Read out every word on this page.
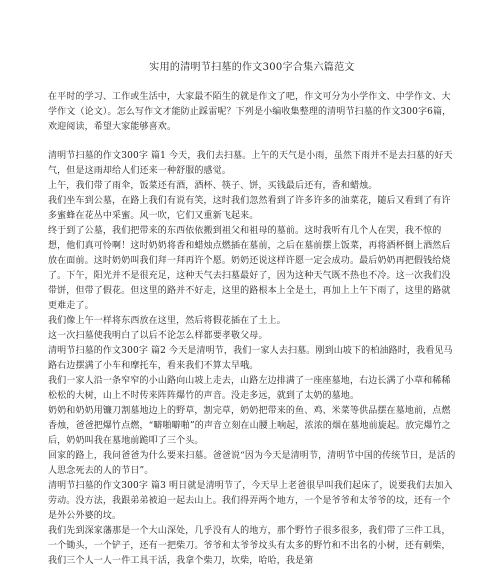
实用的清明节扫墓的作文300字合集六篇范文

在平时的学习、工作或生活中，大家最不陌生的就是作文了吧，作文可分为小学作文、中学作文、大学作文（论文）。怎么写作文才能防止踩雷呢？下列是小编收集整理的清明节扫墓的作文300字6篇，欢迎阅读，希望大家能够喜欢。

清明节扫墓的作文300字 篇1 今天，我们去扫墓。上午的天气是小雨，虽然下雨并不是去扫墓的好天气，但是这雨却给人们还来一种舒服的感觉。

上午，我们带了雨伞，饭菜还有酒，酒杯、筷子、饼，买钱最后还有，香和蜡烛。

我们坐车到公墓，在路上我们有说有笑，这时我们忽然看到了许多许多的油菜花，随后又看到了有许多蜜蜂在花丛中采蜜。风一吹，它们又重新飞起来。

终于到了公墓，我们把带来的东西依依搬到祖父和祖母的墓前。这时我听有几个人在哭，我不惊的想，他们真可怜啊！这时奶奶将香和蜡烛点燃插在墓前，之后在墓前摆上饭菜，再将酒杯倒上酒然后放在面前。这时奶奶叫我们拜一拜再许个愿。奶奶还说这样许愿一定会成功。最后奶奶再把假钱给烧了。下午，阳光并不是很充足，这种天气去扫墓最好了，因为这种天气既不热也不冷。这一次我们没带饼，但带了假花。但这里的路并不好走，这里的路根本上全是土，再加上上午下雨了，这里的路就更难走了。

我们像上午一样将东西放在这里，然后将假花插在了土上。

这一次扫墓使我明白了以后不论怎么样都要孝敬父母。

清明节扫墓的作文300字 篇2 今天是清明节，我们一家人去扫墓。刚到山坡下的柏油路时，我看见马路右边摆满了小车和摩托车，看来我们不算太早哦。

我们一家人沿一条窄窄的小山路向山坡上走去，山路左边排满了一座座墓地，右边长满了小草和稀稀松松的大树，山上不时传来阵阵爆竹的声音。没走多远，就到了太奶的墓地。

奶奶和奶奶用镰刀割墓地边上的野草，割完草，奶奶把带来的鱼、鸡、米菜等供品摆在墓地前，点燃香烛，爸爸把爆竹点燃，“噼啪噼啪”的声音立刻在山腰上响起，浓浓的烟在墓地前旋起。放完爆竹之后，奶奶叫我在墓地前跪叩了三个头。

回家的路上，我问爸爸为什么要来扫墓。爸爸说“因为今天是清明节，清明节中国的传统节日，是活的人思念死去的人的节日”。

清明节扫墓的作文300字 篇3 明日就是清明节了，今天早上老爸很早叫我们起床了，说要我们去加入劳动。没方法，我跟弟弟被迫一起去山上。我们得弄两个地方，一个是爷爷和太爷爷的坟，还有一个是外公外婆的坟。

我们先到深家藩那是一个大山深处，几乎没有人的地方，那个野竹子很多很多，我们带了三件工具，一个锄头，一个铲子，还有一把柴刀。爷爷和太爷爷坟头有太多的野竹和不出名的小树，还有刺柴，我们三个人一人一件工具干活，我拿个柴刀，坎柴，哈哈，我是第
